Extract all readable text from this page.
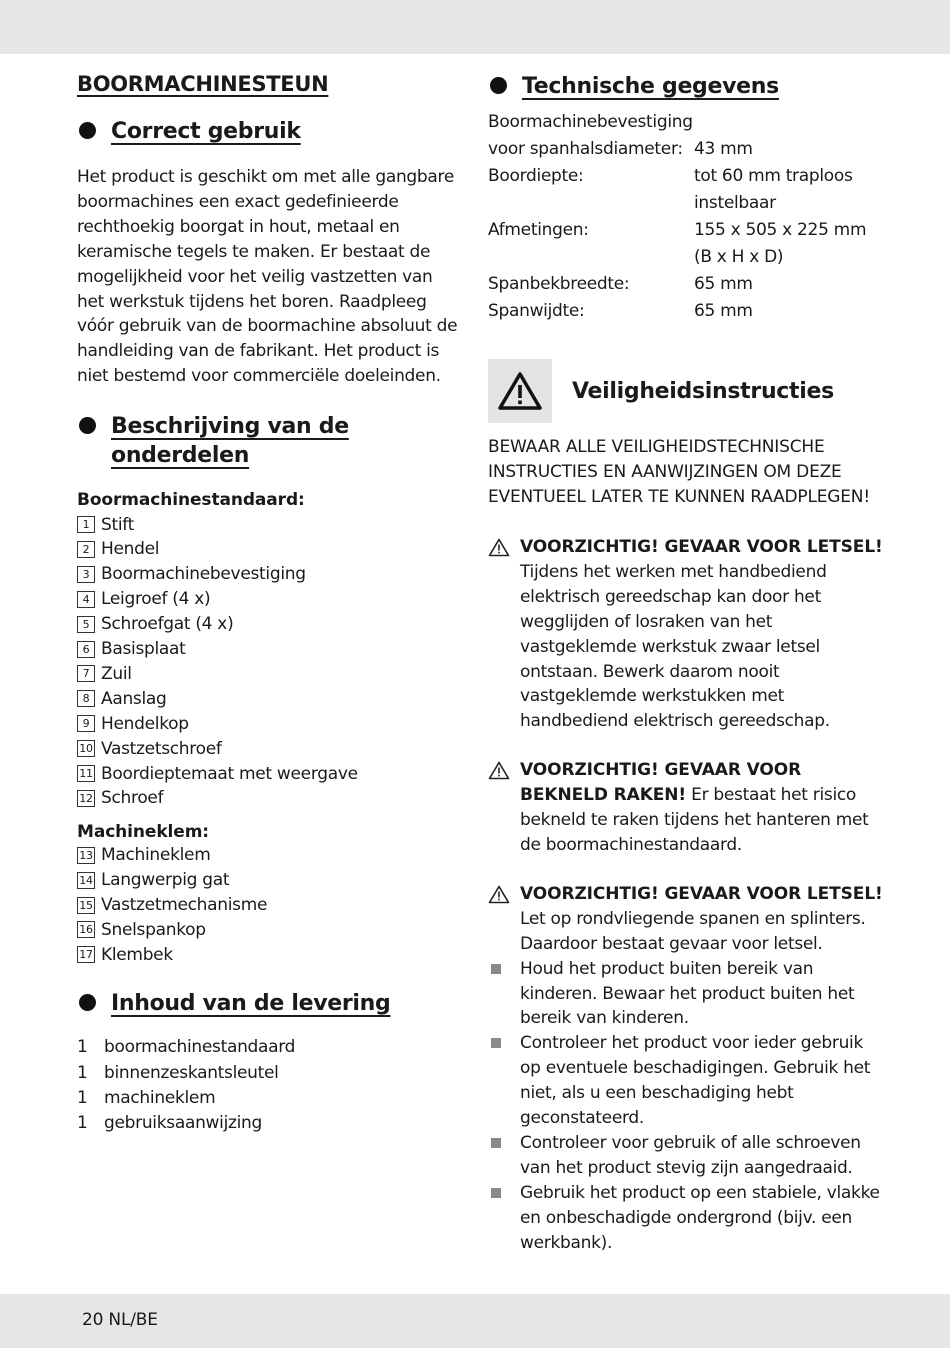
BOORMACHINESTEUN
Correct gebruik

Het product is geschikt om met alle gangbare boormachines een exact gedefinieerde rechthoekig boorgat in hout, metaal en keramische tegels te maken. Er bestaat de mogelijkheid voor het veilig vastzetten van het werkstuk tijdens het boren. Raadpleeg vóór gebruik van de boormachine absoluut de handleiding van de fabrikant. Het product is niet bestemd voor commerciële doeleinden.

Beschrijving van de
onderdelen
Boormachinestandaard:
1 Stift
2 Hendel
3 Boormachinebevestiging
4 Leigroef (4 x)
5 Schroefgat (4 x)
6 Basisplaat
7 Zuil
8 Aanslag
9 Hendelkop
10 Vastzetschroef
11 Boordieptemaat met weergave
12 Schroef
Machineklem:
13 Machineklem
14 Langwerpig gat
15 Vastzetmechanisme
16 Snelspankop
17 Klembek
Inhoud van de levering
1 boormachinestandaard
1 binnenzeskantsleutel
1 machineklem
1 gebruiksaanwijzing
Technische gegevens
Boormachinebevestiging
voor spanhalsdiameter: 43 mm
Boordiepte:	tot 60 mm traploos
instelbaar
Afmetingen:	155 x 505 x 225 mm
(B x H x D)
Spanbekbreedte:	65 mm
Spanwijdte:	65 mm
Veiligheidsinstructies

BEWAAR ALLE VEILIGHEIDSTECHNISCHE INSTRUCTIES EN AANWIJZINGEN OM DEZE EVENTUEEL LATER TE KUNNEN RAADPLEGEN!

VOORZICHTIG! GEVAAR VOOR LETSEL! Tijdens het werken met handbediend elektrisch gereedschap kan door het wegglijden of losraken van het vastgeklemde werkstuk zwaar letsel ontstaan. Bewerk daarom nooit vastgeklemde werkstukken met handbediend elektrisch gereedschap.
VOORZICHTIG! GEVAAR VOOR BEKNELD RAKEN! Er bestaat het risico bekneld te raken tijdens het hanteren met de boormachinestandaard.
VOORZICHTIG! GEVAAR VOOR LETSEL! Let op rondvliegende spanen en splinters. Daardoor bestaat gevaar voor letsel.
Houd het product buiten bereik van kinderen. Bewaar het product buiten het bereik van kinderen.
Controleer het product voor ieder gebruik op eventuele beschadigingen. Gebruik het niet, als u een beschadiging hebt geconstateerd.
Controleer voor gebruik of alle schroeven van het product stevig zijn aangedraaid.
Gebruik het product op een stabiele, vlakke en onbeschadigde ondergrond (bijv. een werkbank).
20 NL/BE
